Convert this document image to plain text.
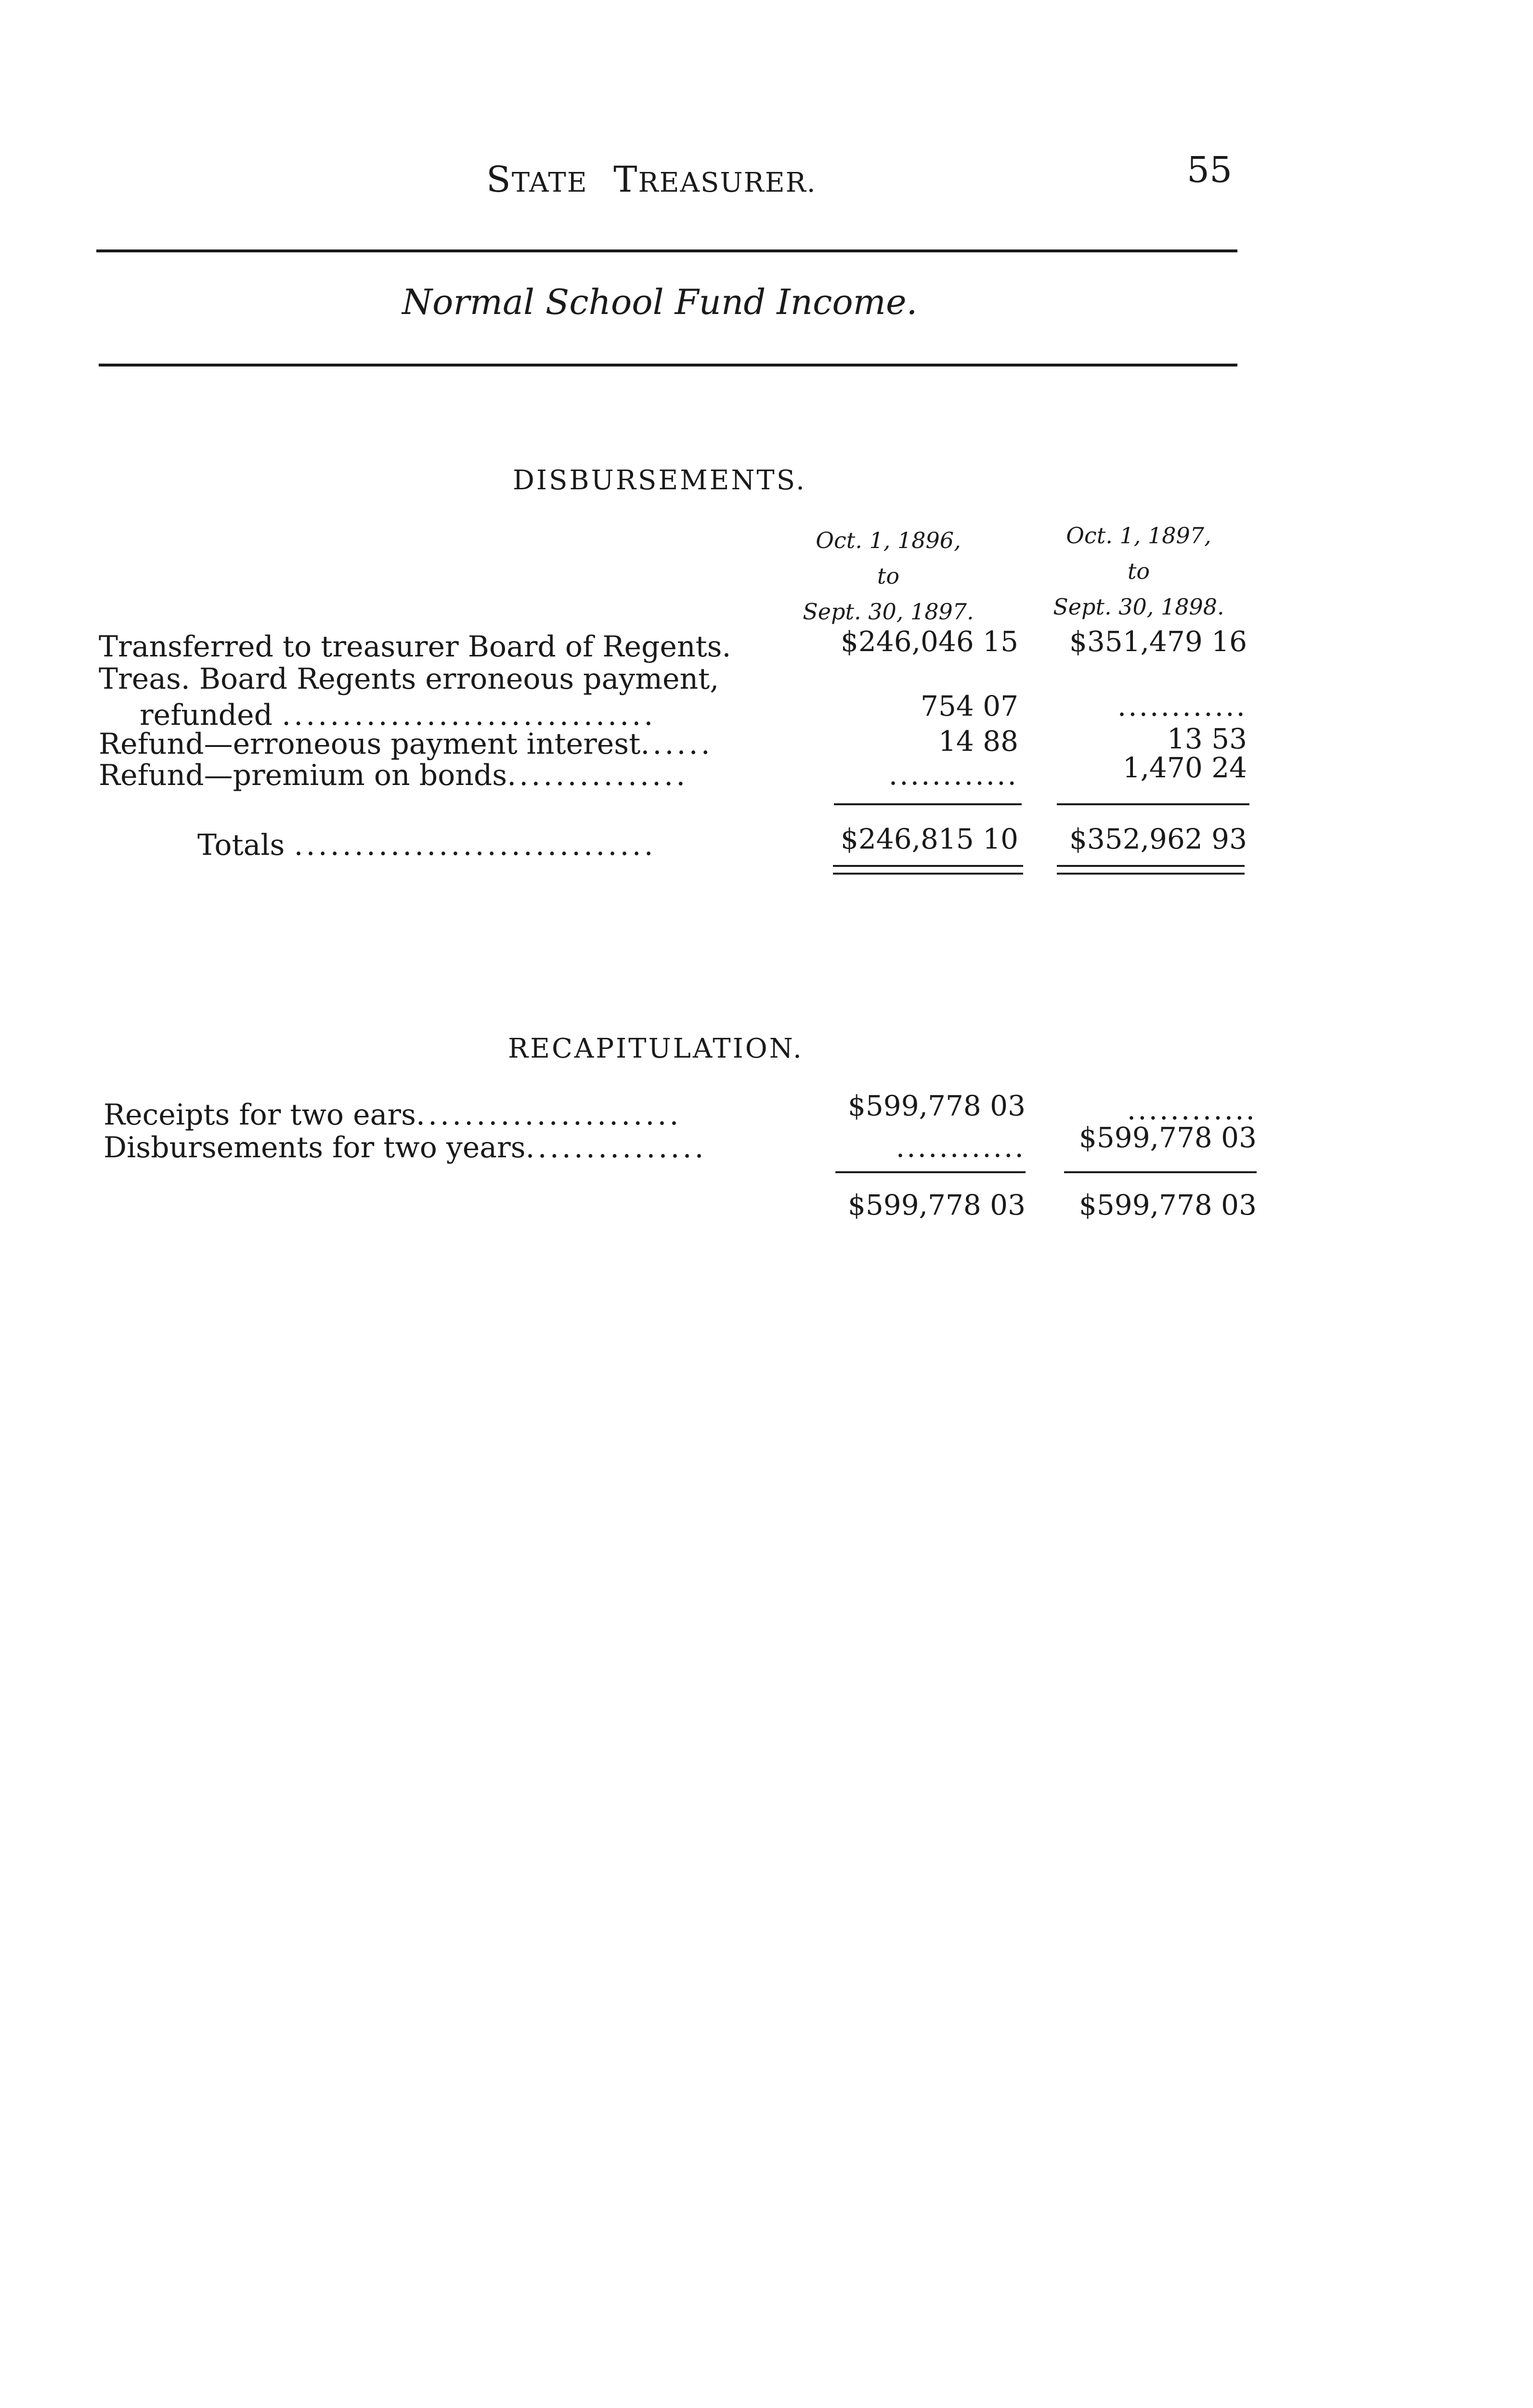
STATE TREASURER.	55
Normal School Fund Income.
DISBURSEMENTS.
Oct. 1, 1896,
to
Sept. 30, 1897.
Oct. 1, 1897,
to
Sept. 30, 1898.
Transferred to treasurer Board of Regents.	$246,046 15	$351,479 16
Treas. Board Regents erroneous payment,
refunded ...............................	754 07	............
Refund—erroneous payment interest......	14 88	13 53
Refund—premium on bonds...............	............	1,470 24
Totals ..............................	$246,815 10	$352,962 93
RECAPITULATION.
Receipts for two ears......................	$599,778 03	............
Disbursements for two years...............	............	$599,778 03
$599,778 03	$599,778 03
